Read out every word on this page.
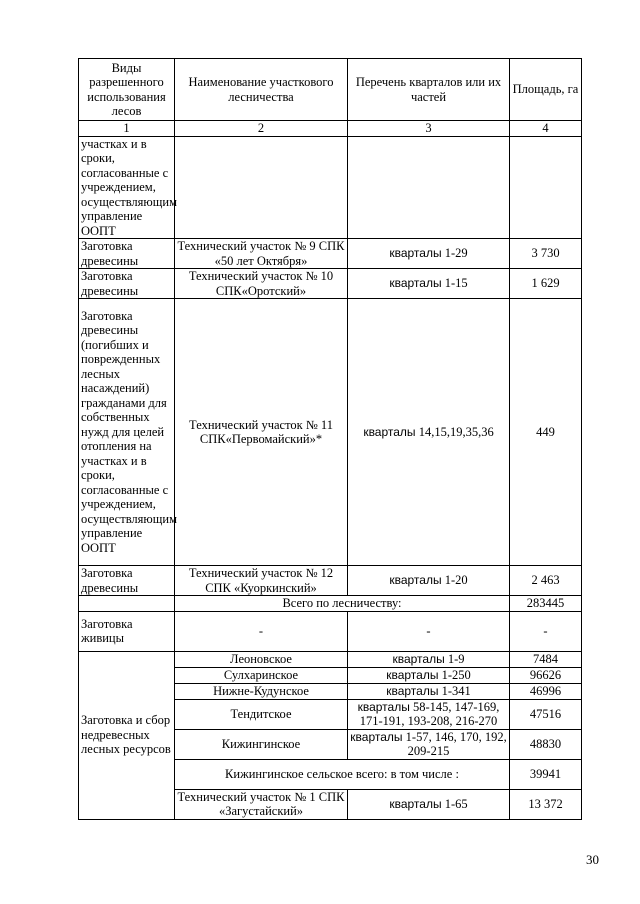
Виды разрешенного использования лесов	Наименование участкового лесничества	Перечень кварталов или их частей	Площадь, га
1	2	3	4
участках и в сроки, согласованные с учреждением, осуществляющим управление ООПТ			
Заготовка древесины	Технический участок № 9 СПК «50 лет Октября»	кварталы 1-29	3 730
Заготовка древесины	Технический участок № 10 СПК«Оротский»	кварталы 1-15	1 629
Заготовка древесины (погибших и поврежденных лесных насаждений) гражданами для собственных нужд для целей отопления на участках и в сроки, согласованные с учреждением, осуществляющим управление ООПТ	Технический участок № 11 СПК«Первомайский»*	кварталы 14,15,19,35,36	449
Заготовка древесины	Технический участок № 12 СПК «Куоркинский»	кварталы 1-20	2 463
	Всего по лесничеству:		283445
Заготовка живицы	-	-	-
Заготовка и сбор недревесных лесных ресурсов	Леоновское	кварталы 1-9	7484
	Сулхаринское	кварталы 1-250	96626
	Нижне-Кудунское	кварталы 1-341	46996
	Тендитское	кварталы 58-145, 147-169, 171-191, 193-208, 216-270	47516
	Кижингинское	кварталы 1-57, 146, 170, 192, 209-215	48830
	Кижингинское сельское всего: в том числе :		39941
	Технический участок № 1 СПК «Загустайский»	кварталы 1-65	13 372
30
